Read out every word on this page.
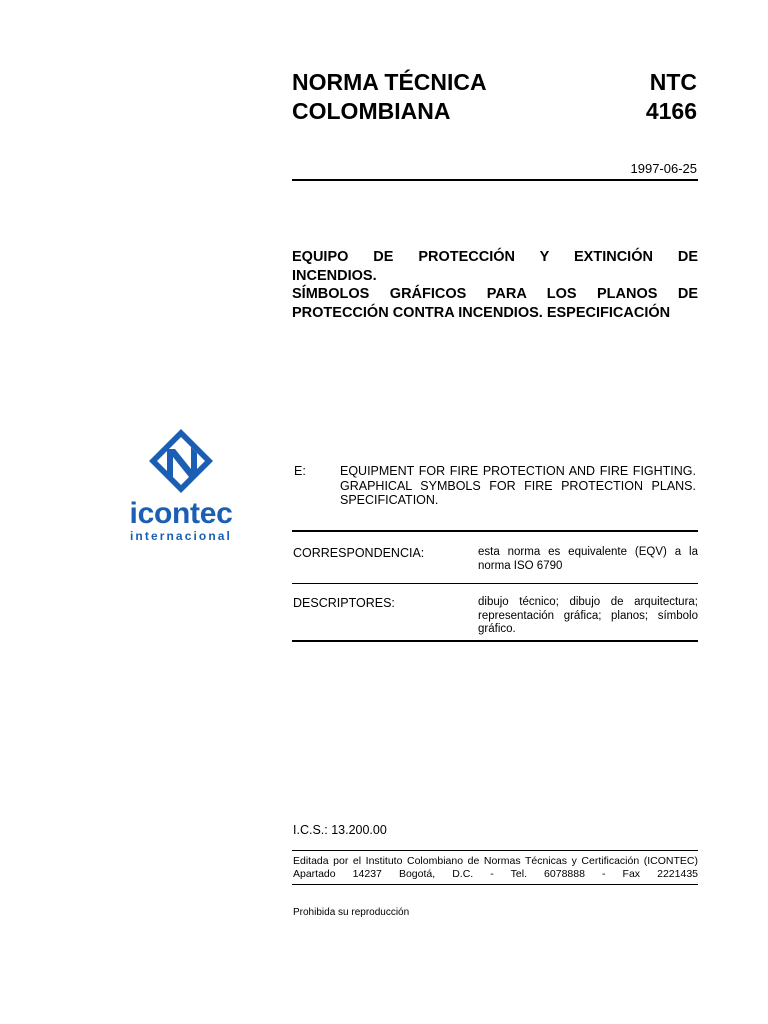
NORMA TÉCNICA
COLOMBIANA
NTC
4166
1997-06-25
EQUIPO DE PROTECCIÓN Y EXTINCIÓN DE
INCENDIOS.
SÍMBOLOS GRÁFICOS PARA LOS PLANOS DE
PROTECCIÓN CONTRA INCENDIOS. ESPECIFICACIÓN
icontec
internacional
E:	EQUIPMENT FOR FIRE PROTECTION AND FIRE FIGHTING.
GRAPHICAL SYMBOLS FOR FIRE PROTECTION PLANS.
SPECIFICATION.
CORRESPONDENCIA:	esta norma es equivalente (EQV) a la norma ISO 6790
DESCRIPTORES:	dibujo técnico; dibujo de arquitectura; representación gráfica; planos; símbolo gráfico.
I.C.S.: 13.200.00
Editada por el Instituto Colombiano de Normas Técnicas y Certificación (ICONTEC)
Apartado 14237 Bogotá, D.C. - Tel. 6078888 - Fax 2221435
Prohibida su reproducción
